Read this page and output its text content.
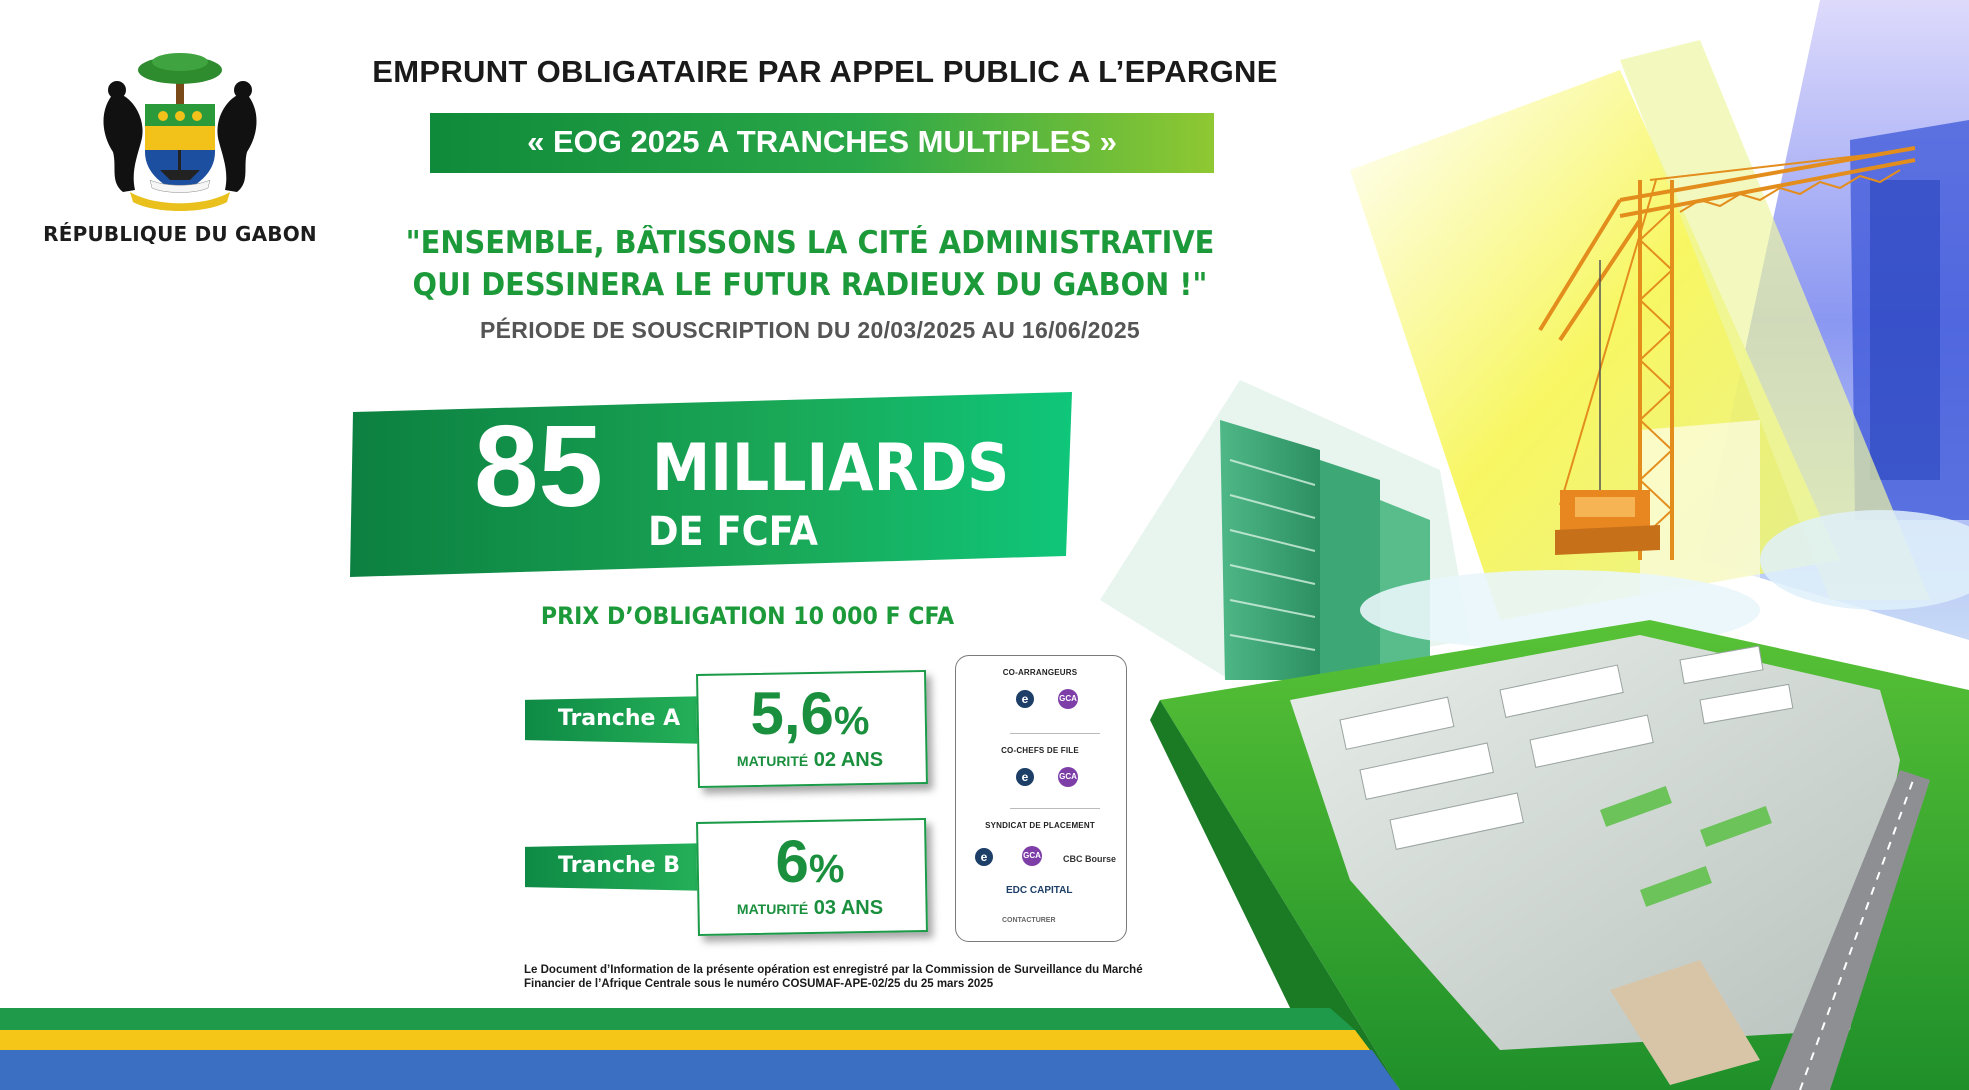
RÉPUBLIQUE DU GABON
EMPRUNT OBLIGATAIRE PAR APPEL PUBLIC A L’EPARGNE
« EOG 2025 A TRANCHES MULTIPLES »
"ENSEMBLE, BÂTISSONS LA CITÉ ADMINISTRATIVE
QUI DESSINERA LE FUTUR RADIEUX DU GABON !"
PÉRIODE DE SOUSCRIPTION DU 20/03/2025 AU 16/06/2025
85 MILLIARDS
DE FCFA
PRIX D’OBLIGATION 10 000 F CFA
Tranche A	5,6%
MATURITÉ 02 ANS
Tranche B	6%
MATURITÉ 03 ANS
CO-ARRANGEURS
e	GCA
CO-CHEFS DE FILE
e	GCA
SYNDICAT DE PLACEMENT
e	GCA CBC Bourse
EDC CAPITAL
CONTACTURER
Le Document d’Information de la présente opération est enregistré par la Commission de Surveillance du Marché
Financier de l’Afrique Centrale sous le numéro COSUMAF-APE-02/25 du 25 mars 2025
